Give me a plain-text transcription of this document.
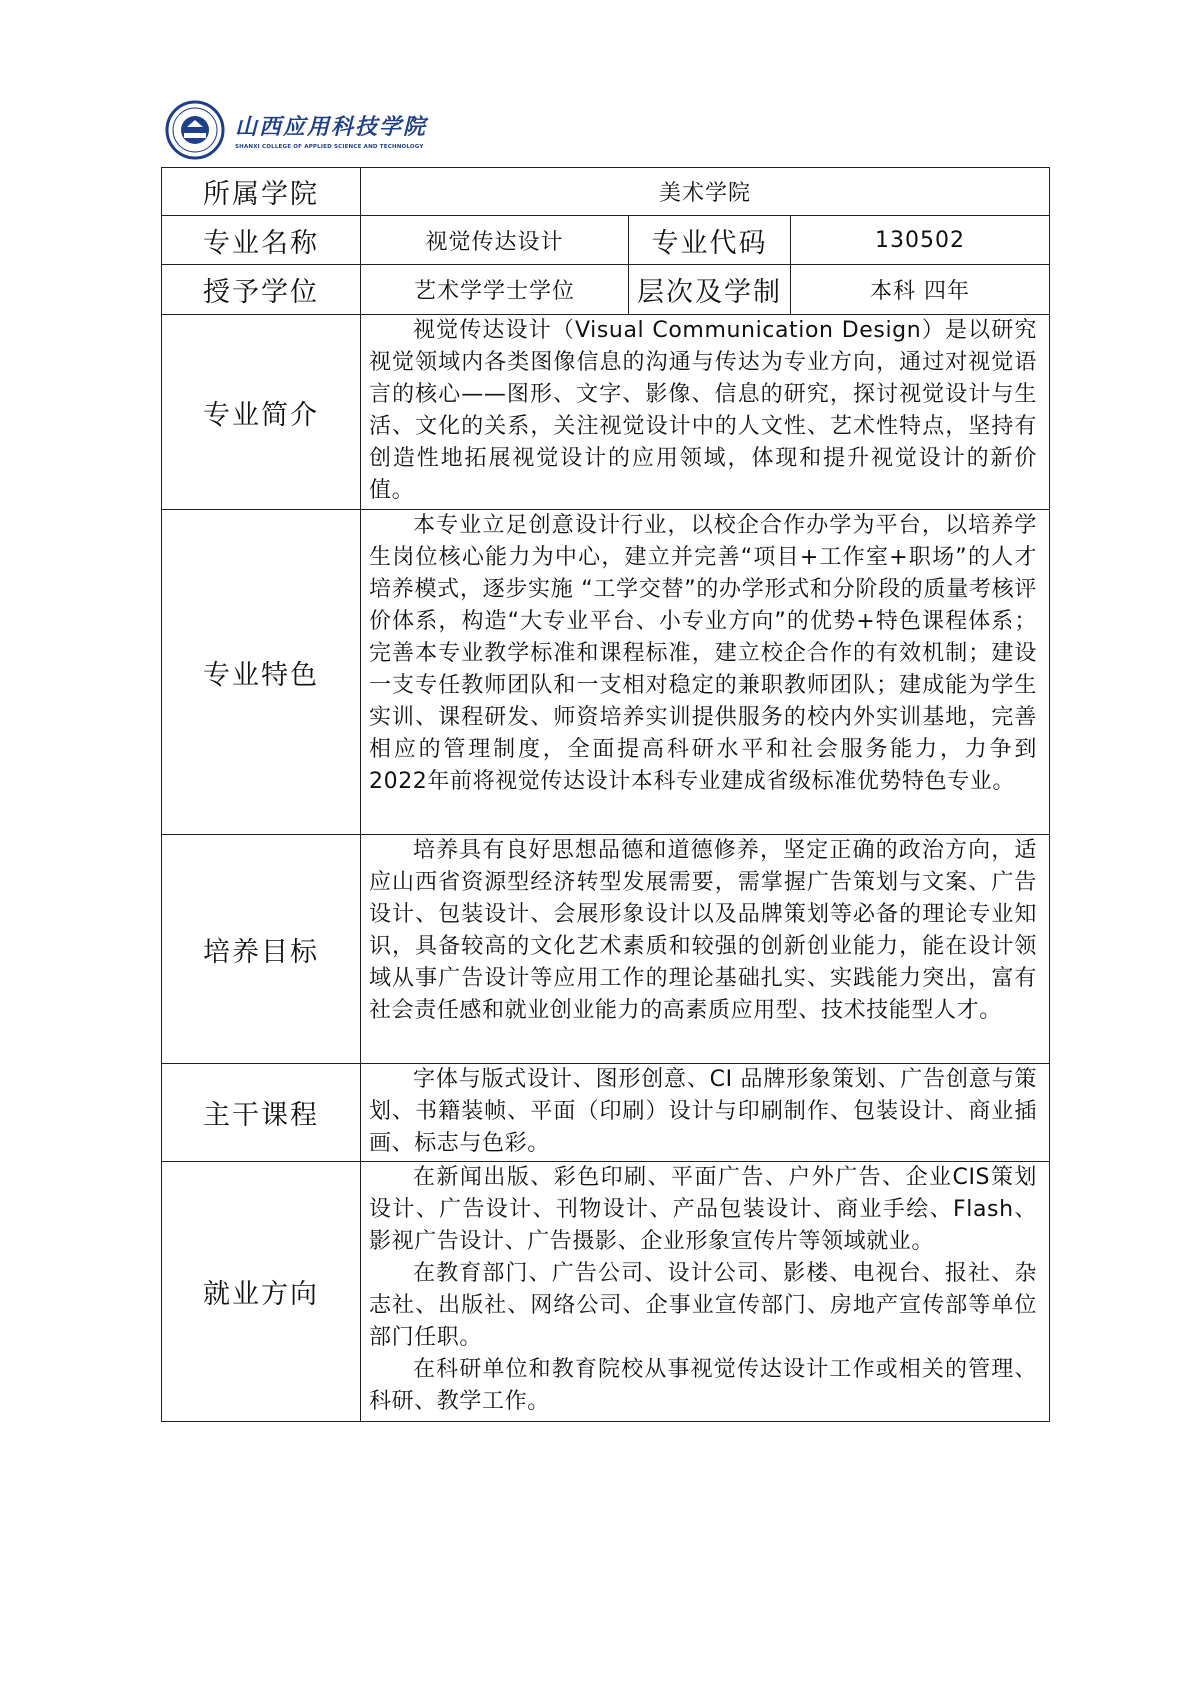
山西应用科技学院
SHANXI COLLEGE OF APPLIED SCIENCE AND TECHNOLOGY
所属学院	美术学院		
专业名称	视觉传达设计	专业代码	130502
授予学位	艺术学学士学位	层次及学制	本科 四年
专业简介	视觉传达设计（Visual Communication Design）是以研究视觉领域内各类图像信息的沟通与传达为专业方向，通过对视觉语言的核心——图形、文字、影像、信息的研究，探讨视觉设计与生活、文化的关系，关注视觉设计中的人文性、艺术性特点，坚持有创造性地拓展视觉设计的应用领域，体现和提升视觉设计的新价值。		

专业特色	本专业立足创意设计行业，以校企合作办学为平台，以培养学生岗位核心能力为中心，建立并完善“项目+工作室+职场”的人才培养模式，逐步实施 “工学交替”的办学形式和分阶段的质量考核评价体系，构造“大专业平台、小专业方向”的优势+特色课程体系；完善本专业教学标准和课程标准，建立校企合作的有效机制；建设一支专任教师团队和一支相对稳定的兼职教师团队；建成能为学生实训、课程研发、师资培养实训提供服务的校内外实训基地，完善相应的管理制度，全面提高科研水平和社会服务能力，力争到2022年前将视觉传达设计本科专业建成省级标准优势特色专业。		

培养目标	培养具有良好思想品德和道德修养，坚定正确的政治方向，适应山西省资源型经济转型发展需要，需掌握广告策划与文案、广告设计、包装设计、会展形象设计以及品牌策划等必备的理论专业知识，具备较高的文化艺术素质和较强的创新创业能力，能在设计领域从事广告设计等应用工作的理论基础扎实、实践能力突出，富有社会责任感和就业创业能力的高素质应用型、技术技能型人才。		

主干课程	字体与版式设计、图形创意、CI 品牌形象策划、广告创意与策划、书籍装帧、平面（印刷）设计与印刷制作、包装设计、商业插画、标志与色彩。		

就业方向	在新闻出版、彩色印刷、平面广告、户外广告、企业CIS策划设计、广告设计、刊物设计、产品包装设计、商业手绘、Flash、影视广告设计、广告摄影、企业形象宣传片等领域就业。

在教育部门、广告公司、设计公司、影楼、电视台、报社、杂志社、出版社、网络公司、企事业宣传部门、房地产宣传部等单位部门任职。

在科研单位和教育院校从事视觉传达设计工作或相关的管理、科研、教学工作。		
